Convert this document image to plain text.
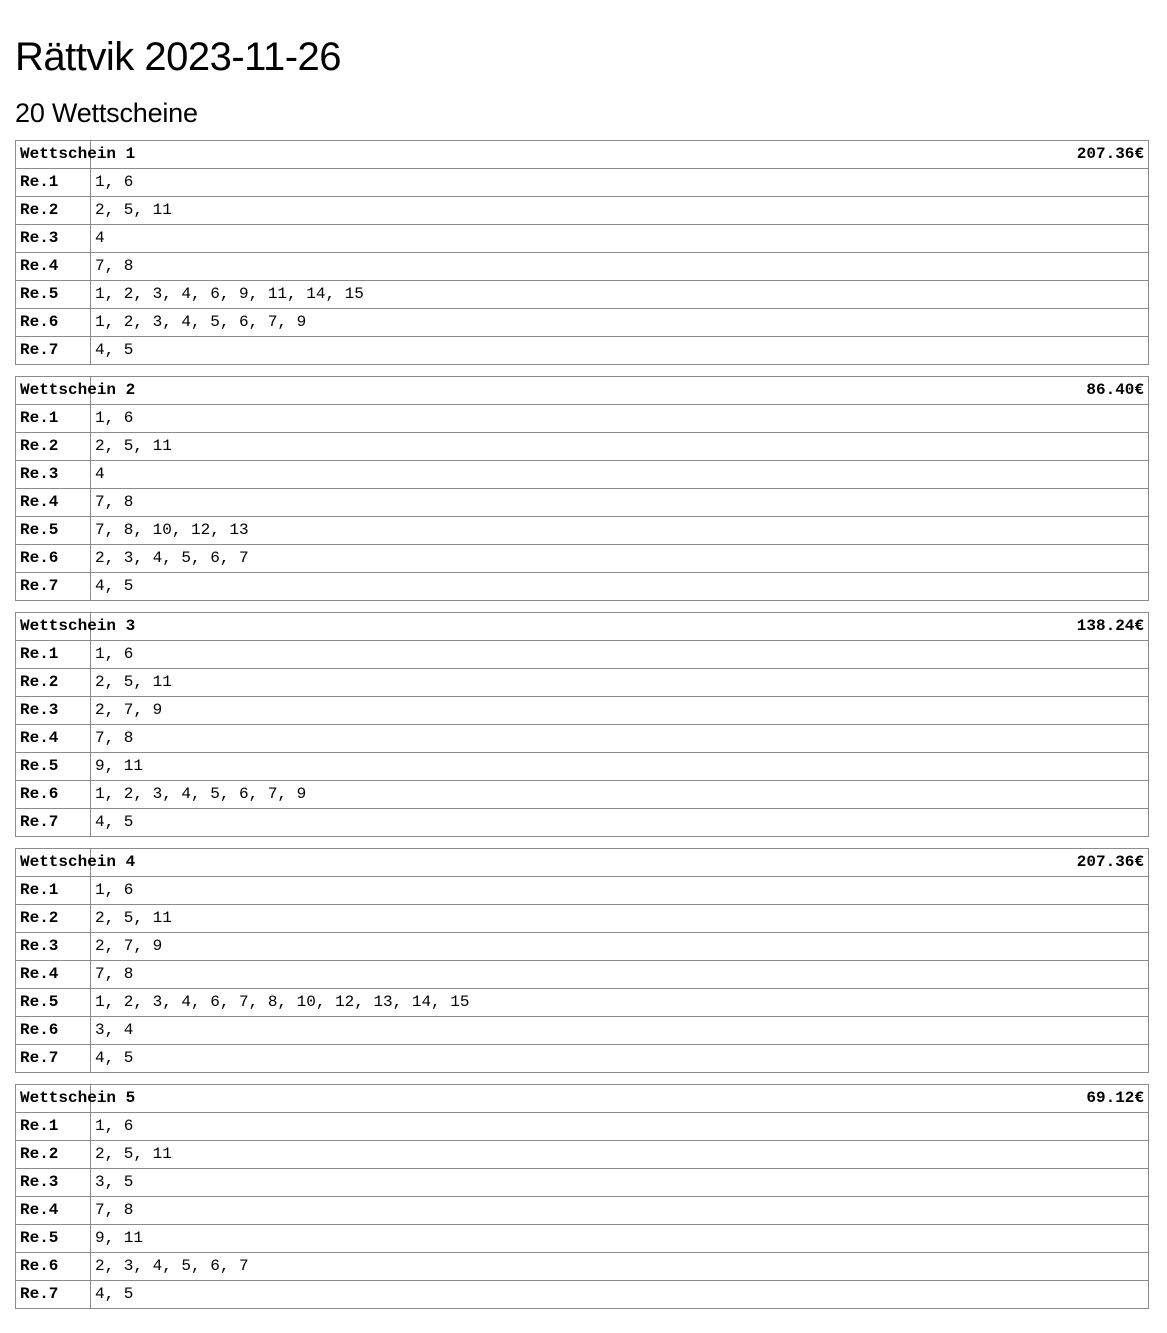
Rättvik 2023-11-26
20 Wettscheine
Wettschein 1	207.36€
Re.1	1, 6
Re.2	2, 5, 11
Re.3	4
Re.4	7, 8
Re.5	1, 2, 3, 4, 6, 9, 11, 14, 15
Re.6	1, 2, 3, 4, 5, 6, 7, 9
Re.7	4, 5
Wettschein 2	86.40€
Re.1	1, 6
Re.2	2, 5, 11
Re.3	4
Re.4	7, 8
Re.5	7, 8, 10, 12, 13
Re.6	2, 3, 4, 5, 6, 7
Re.7	4, 5
Wettschein 3	138.24€
Re.1	1, 6
Re.2	2, 5, 11
Re.3	2, 7, 9
Re.4	7, 8
Re.5	9, 11
Re.6	1, 2, 3, 4, 5, 6, 7, 9
Re.7	4, 5
Wettschein 4	207.36€
Re.1	1, 6
Re.2	2, 5, 11
Re.3	2, 7, 9
Re.4	7, 8
Re.5	1, 2, 3, 4, 6, 7, 8, 10, 12, 13, 14, 15
Re.6	3, 4
Re.7	4, 5
Wettschein 5	69.12€
Re.1	1, 6
Re.2	2, 5, 11
Re.3	3, 5
Re.4	7, 8
Re.5	9, 11
Re.6	2, 3, 4, 5, 6, 7
Re.7	4, 5
